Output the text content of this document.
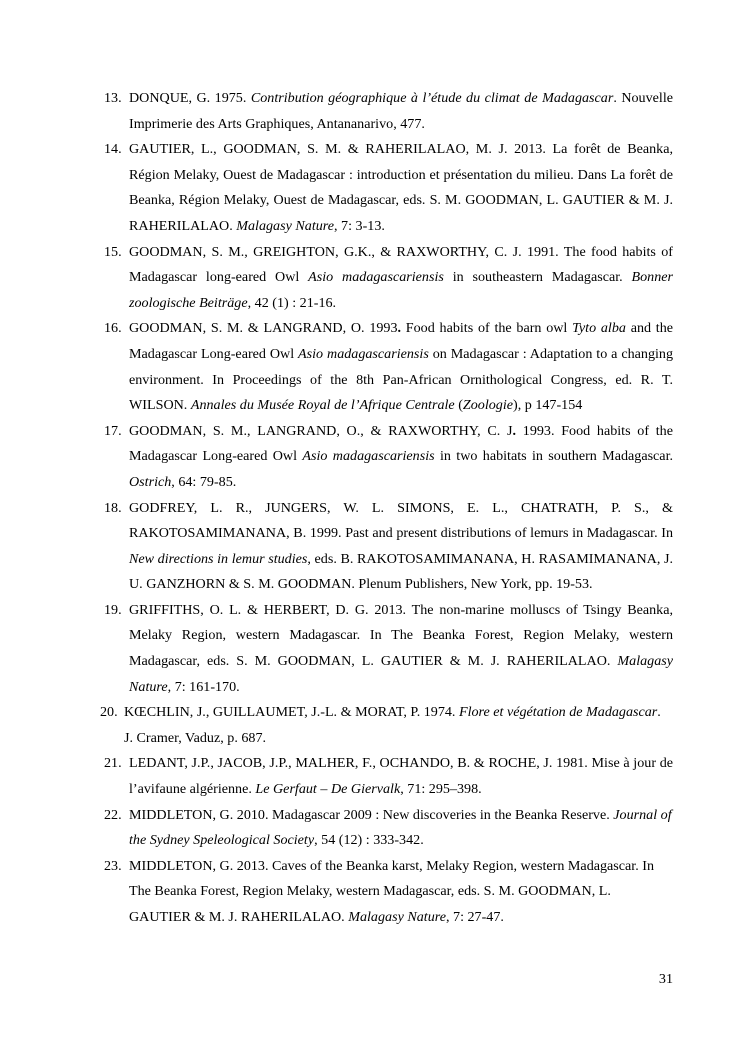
13. DONQUE, G. 1975. Contribution géographique à l’étude du climat de Madagascar. Nouvelle Imprimerie des Arts Graphiques, Antananarivo, 477.
14. GAUTIER, L., GOODMAN, S. M. & RAHERILALAO, M. J. 2013. La forêt de Beanka, Région Melaky, Ouest de Madagascar : introduction et présentation du milieu. Dans La forêt de Beanka, Région Melaky, Ouest de Madagascar, eds. S. M. GOODMAN, L. GAUTIER & M. J. RAHERILALAO. Malagasy Nature, 7: 3-13.
15. GOODMAN, S. M., GREIGHTON, G.K., & RAXWORTHY, C. J. 1991. The food habits of Madagascar long-eared Owl Asio madagascariensis in southeastern Madagascar. Bonner zoologische Beiträge, 42 (1) : 21-16.
16. GOODMAN, S. M. & LANGRAND, O. 1993. Food habits of the barn owl Tyto alba and the Madagascar Long-eared Owl Asio madagascariensis on Madagascar : Adaptation to a changing environment. In Proceedings of the 8th Pan-African Ornithological Congress, ed. R. T. WILSON. Annales du Musée Royal de l’Afrique Centrale (Zoologie), p 147-154
17. GOODMAN, S. M., LANGRAND, O., & RAXWORTHY, C. J. 1993. Food habits of the Madagascar Long-eared Owl Asio madagascariensis in two habitats in southern Madagascar. Ostrich, 64: 79-85.
18. GODFREY, L. R., JUNGERS, W. L. SIMONS, E. L., CHATRATH, P. S., & RAKOTOSAMIMANANA, B. 1999. Past and present distributions of lemurs in Madagascar. In New directions in lemur studies, eds. B. RAKOTOSAMIMANANA, H. RASAMIMANANA, J. U. GANZHORN & S. M. GOODMAN. Plenum Publishers, New York, pp. 19-53.
19. GRIFFITHS, O. L. & HERBERT, D. G. 2013. The non-marine molluscs of Tsingy Beanka, Melaky Region, western Madagascar. In The Beanka Forest, Region Melaky, western Madagascar, eds. S. M. GOODMAN, L. GAUTIER & M. J. RAHERILALAO. Malagasy Nature, 7: 161-170.
20. KŒCHLIN, J., GUILLAUMET, J.-L. & MORAT, P. 1974. Flore et végétation de Madagascar. J. Cramer, Vaduz, p. 687.
21. LEDANT, J.P., JACOB, J.P., MALHER, F., OCHANDO, B. & ROCHE, J. 1981. Mise à jour de l’avifaune algérienne. Le Gerfaut – De Giervalk, 71: 295–398.
22. MIDDLETON, G. 2010. Madagascar 2009 : New discoveries in the Beanka Reserve. Journal of the Sydney Speleological Society, 54 (12) : 333-342.
23. MIDDLETON, G. 2013. Caves of the Beanka karst, Melaky Region, western Madagascar. In The Beanka Forest, Region Melaky, western Madagascar, eds. S. M. GOODMAN, L. GAUTIER & M. J. RAHERILALAO. Malagasy Nature, 7: 27-47.
31
